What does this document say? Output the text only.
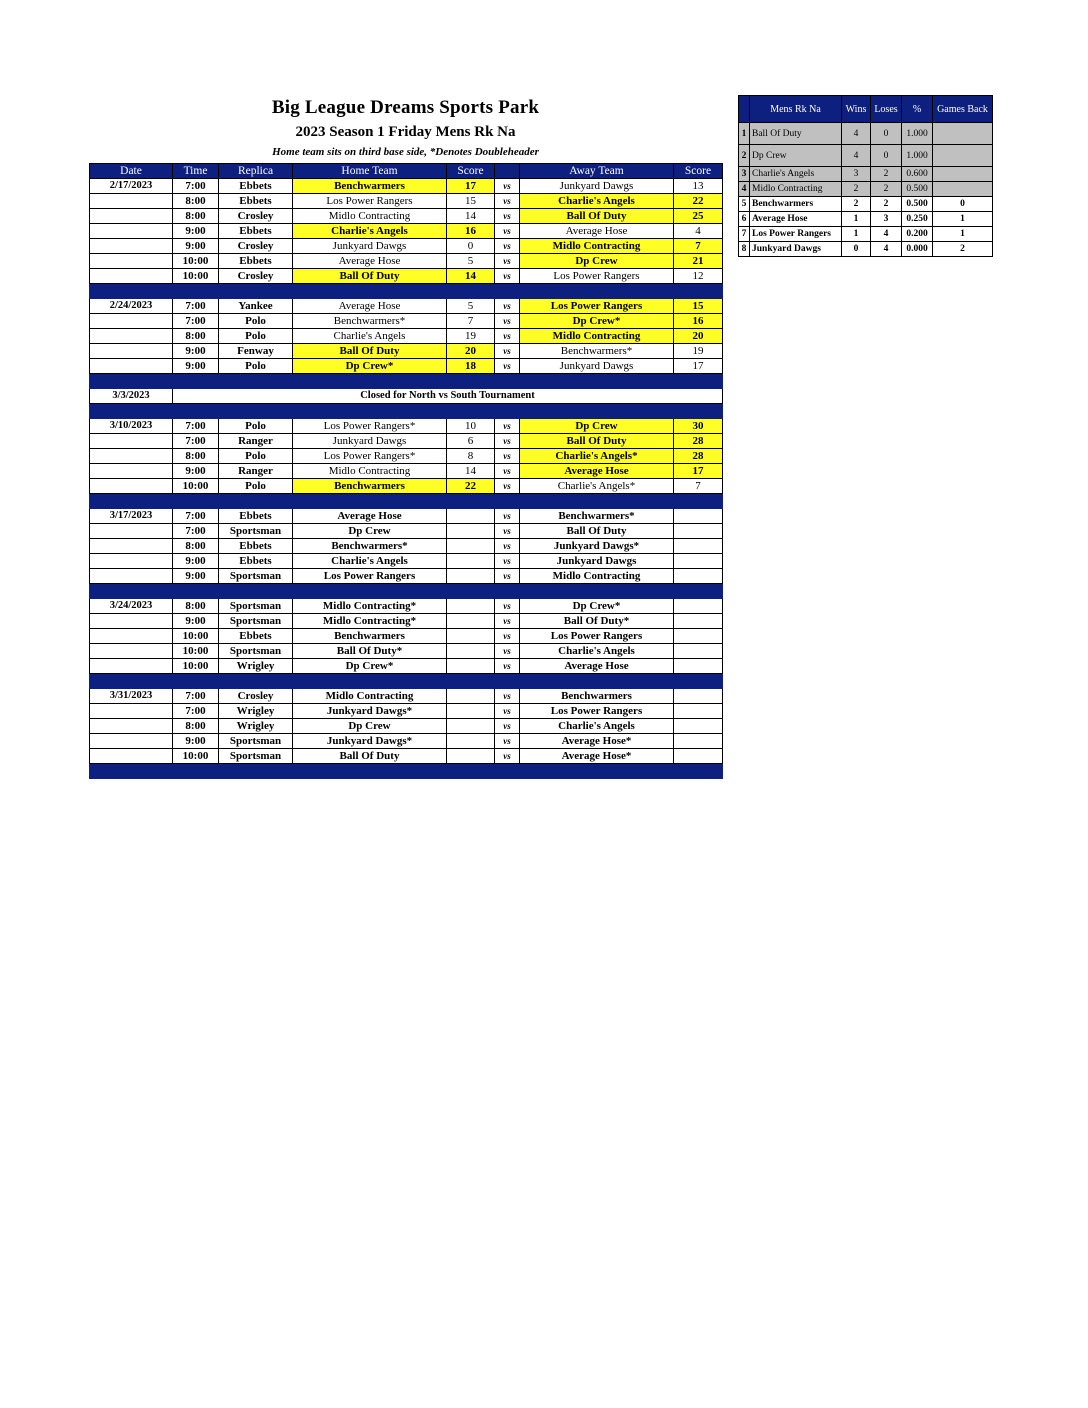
Big League Dreams Sports Park
2023 Season 1 Friday Mens Rk Na
Home team sits on third base side, *Denotes Doubleheader
Date	Time	Replica	Home Team	Score		Away Team	Score
2/17/2023	7:00	Ebbets	Benchwarmers	17	vs	Junkyard Dawgs	13
	8:00	Ebbets	Los Power Rangers	15	vs	Charlie's Angels	22
	8:00	Crosley	Midlo Contracting	14	vs	Ball Of Duty	25
	9:00	Ebbets	Charlie's Angels	16	vs	Average Hose	4
	9:00	Crosley	Junkyard Dawgs	0	vs	Midlo Contracting	7
	10:00	Ebbets	Average Hose	5	vs	Dp Crew	21
	10:00	Crosley	Ball Of Duty	14	vs	Los Power Rangers	12

2/24/2023	7:00	Yankee	Average Hose	5	vs	Los Power Rangers	15
	7:00	Polo	Benchwarmers*	7	vs	Dp Crew*	16
	8:00	Polo	Charlie's Angels	19	vs	Midlo Contracting	20
	9:00	Fenway	Ball Of Duty	20	vs	Benchwarmers*	19
	9:00	Polo	Dp Crew*	18	vs	Junkyard Dawgs	17

3/3/2023	Closed for North vs South Tournament						

3/10/2023	7:00	Polo	Los Power Rangers*	10	vs	Dp Crew	30
	7:00	Ranger	Junkyard Dawgs	6	vs	Ball Of Duty	28
	8:00	Polo	Los Power Rangers*	8	vs	Charlie's Angels*	28
	9:00	Ranger	Midlo Contracting	14	vs	Average Hose	17
	10:00	Polo	Benchwarmers	22	vs	Charlie's Angels*	7

3/17/2023	7:00	Ebbets	Average Hose		vs	Benchwarmers*	
	7:00	Sportsman	Dp Crew		vs	Ball Of Duty	
	8:00	Ebbets	Benchwarmers*		vs	Junkyard Dawgs*	
	9:00	Ebbets	Charlie's Angels		vs	Junkyard Dawgs	
	9:00	Sportsman	Los Power Rangers		vs	Midlo Contracting	

3/24/2023	8:00	Sportsman	Midlo Contracting*		vs	Dp Crew*	
	9:00	Sportsman	Midlo Contracting*		vs	Ball Of Duty*	
	10:00	Ebbets	Benchwarmers		vs	Los Power Rangers	
	10:00	Sportsman	Ball Of Duty*		vs	Charlie's Angels	
	10:00	Wrigley	Dp Crew*		vs	Average Hose	

3/31/2023	7:00	Crosley	Midlo Contracting		vs	Benchwarmers	
	7:00	Wrigley	Junkyard Dawgs*		vs	Los Power Rangers	
	8:00	Wrigley	Dp Crew		vs	Charlie's Angels	
	9:00	Sportsman	Junkyard Dawgs*		vs	Average Hose*	
	10:00	Sportsman	Ball Of Duty		vs	Average Hose*	

	Mens Rk Na	Wins	Loses	%	Games Back
1	Ball Of Duty	4	0	1.000	
2	Dp Crew	4	0	1.000	
3	Charlie's Angels	3	2	0.600	
4	Midlo Contracting	2	2	0.500	
5	Benchwarmers	2	2	0.500	0
6	Average Hose	1	3	0.250	1
7	Los Power Rangers	1	4	0.200	1
8	Junkyard Dawgs	0	4	0.000	2
